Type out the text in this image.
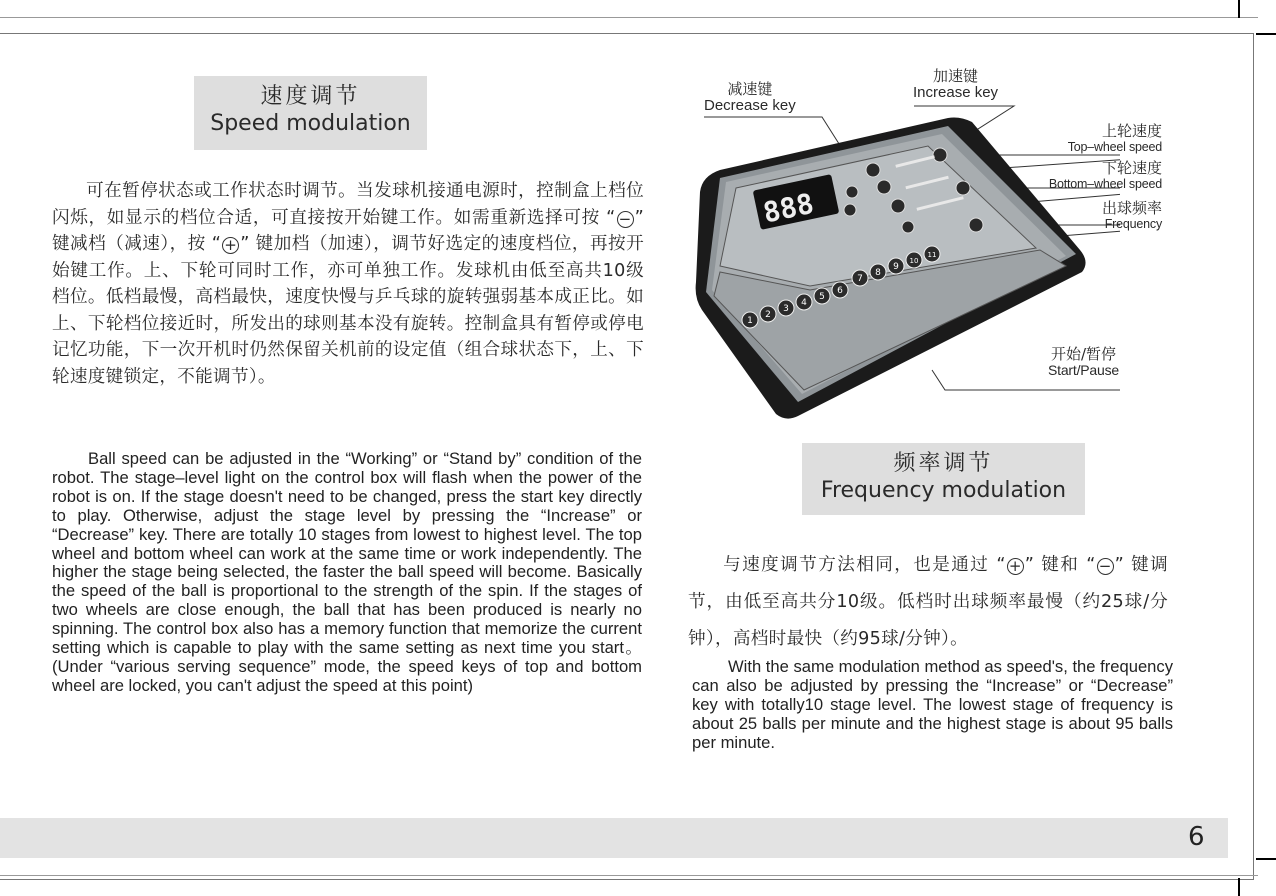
6
速度调节
Speed modulation
可在暂停状态或工作状态时调节。当发球机接通电源时，控制盒上档位闪烁，如显示的档位合适，可直接按开始键工作。如需重新选择可按 “ − ” 键减档（减速），按 “ + ” 键加档（加速），调节好选定的速度档位，再按开始键工作。上、下轮可同时工作，亦可单独工作。发球机由低至高共10级档位。低档最慢，高档最快，速度快慢与乒乓球的旋转强弱基本成正比。如上、下轮档位接近时，所发出的球则基本没有旋转。控制盒具有暂停或停电记忆功能，下一次开机时仍然保留关机前的设定值（组合球状态下，上、下轮速度键锁定，不能调节）。
Ball speed can be adjusted in the “Working” or “Stand by” condition of the robot. The stage–level light on the control box will flash when the power of the robot is on. If the stage doesn't need to be changed, press the start key directly to play. Otherwise, adjust the stage level by pressing the “Increase” or “Decrease” key. There are totally 10 stages from lowest to highest level. The top wheel and bottom wheel can work at the same time or work independently. The higher the stage being selected, the faster the ball speed will become. Basically the speed of the ball is proportional to the strength of the spin. If the stages of two wheels are close enough, the ball that has been produced is nearly no spinning. The control box also has a memory function that memorize the current setting which is capable to play with the same setting as next time you start。(Under “various serving sequence” mode, the speed keys of top and bottom wheel are locked, you can't adjust the speed at this point)
频率调节
Frequency modulation
与速度调节方法相同，也是通过 “ + ” 键和 “ − ” 键调节，由低至高共分10级。低档时出球频率最慢（约25球/分钟），高档时最快（约95球/分钟）。
With the same modulation method as speed's, the frequency can also be adjusted by pressing the “Increase” or “Decrease” key with totally10 stage level. The lowest stage of frequency is about 25 balls per minute and the highest stage is about 95 balls per minute.
减速键
Decrease key
加速键
Increase key
上轮速度
Top–wheel speed
下轮速度
Bottom–wheel speed
出球频率
Frequency
开始/暂停
Start/Pause
888
1
2
3
4
5
6
7
8
9
10
11
